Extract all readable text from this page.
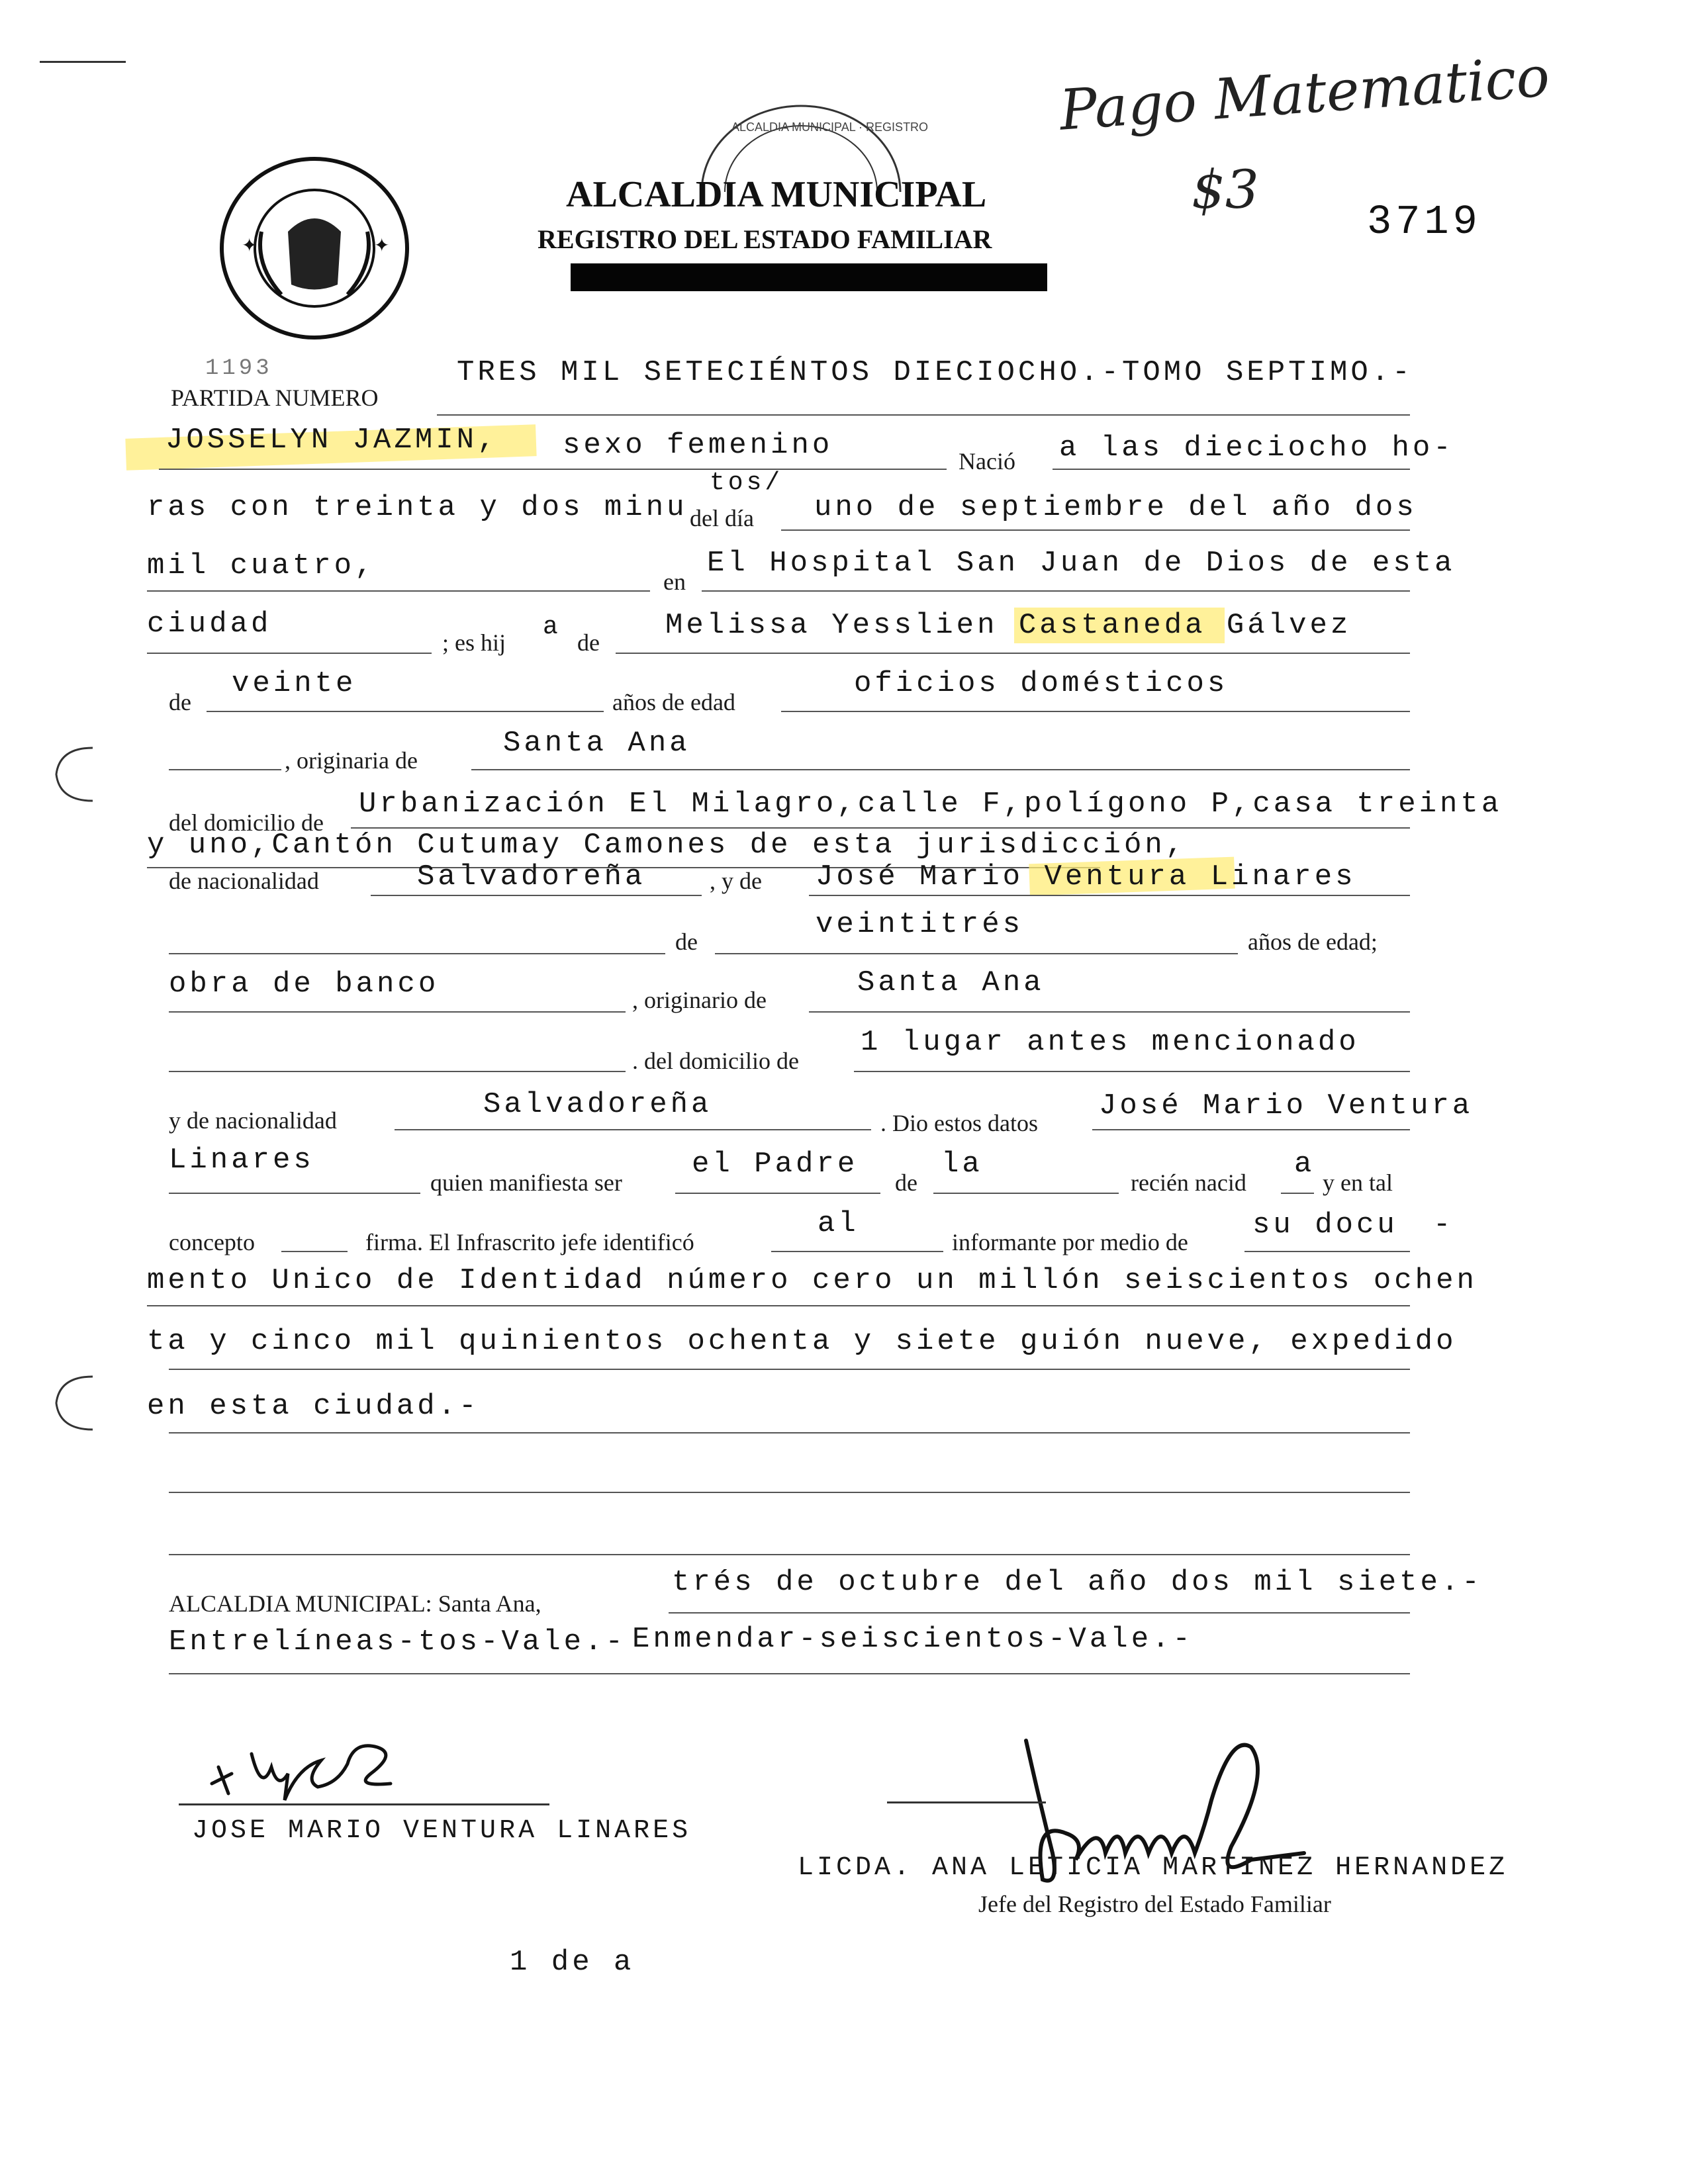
✦	✦
ALCALDIA MUNICIPAL · REGISTRO
ALCALDIA MUNICIPAL
REGISTRO DEL ESTADO FAMILIAR
Pago Matematico
$3
3719
1193
PARTIDA NUMERO
TRES MIL SETECIÉNTOS DIECIOCHO.-TOMO SEPTIMO.-
JOSSELYN JAZMIN, sexo femenino	Nació a las dieciocho ho-
ras con treinta y dos minu
tos/
del día uno de septiembre del año dos
mil cuatro,	en
El Hospital San Juan de Dios de esta
ciudad
; es hij
a
de
Melissa Yesslien Castaneda Gálvez
de
veinte
años de edad
oficios domésticos
, originaria de
Santa Ana
del domicilio de
Urbanización El Milagro,calle F,polígono P,casa treinta
y uno,Cantón Cutumay Camones de esta jurisdicción,
de nacionalidad	Salvadoreña	, y de José Mario Ventura Linares
de
veintitrés
años de edad;
obra de banco	, originario de
Santa Ana
. del domicilio de
1 lugar antes mencionado
y de nacionalidad	Salvadoreña
. Dio estos datos
José Mario Ventura
Linares
quien manifiesta ser
el Padre
de
la
recién nacid
a
y en tal
concepto	firma. El Infrascrito jefe identificó
al
informante por medio de
su docu -
mento Unico de Identidad número cero un millón seiscientos ochen
ta y cinco mil quinientos ochenta y siete guión nueve, expedido
en esta ciudad.-
ALCALDIA MUNICIPAL: Santa Ana,
trés de octubre del año dos mil siete.-
Entrelíneas-tos-Vale.- Enmendar-seiscientos-Vale.-
JOSE MARIO VENTURA LINARES
LICDA. ANA LETICIA MARTINEZ HERNANDEZ
Jefe del Registro del Estado Familiar
1 de a
